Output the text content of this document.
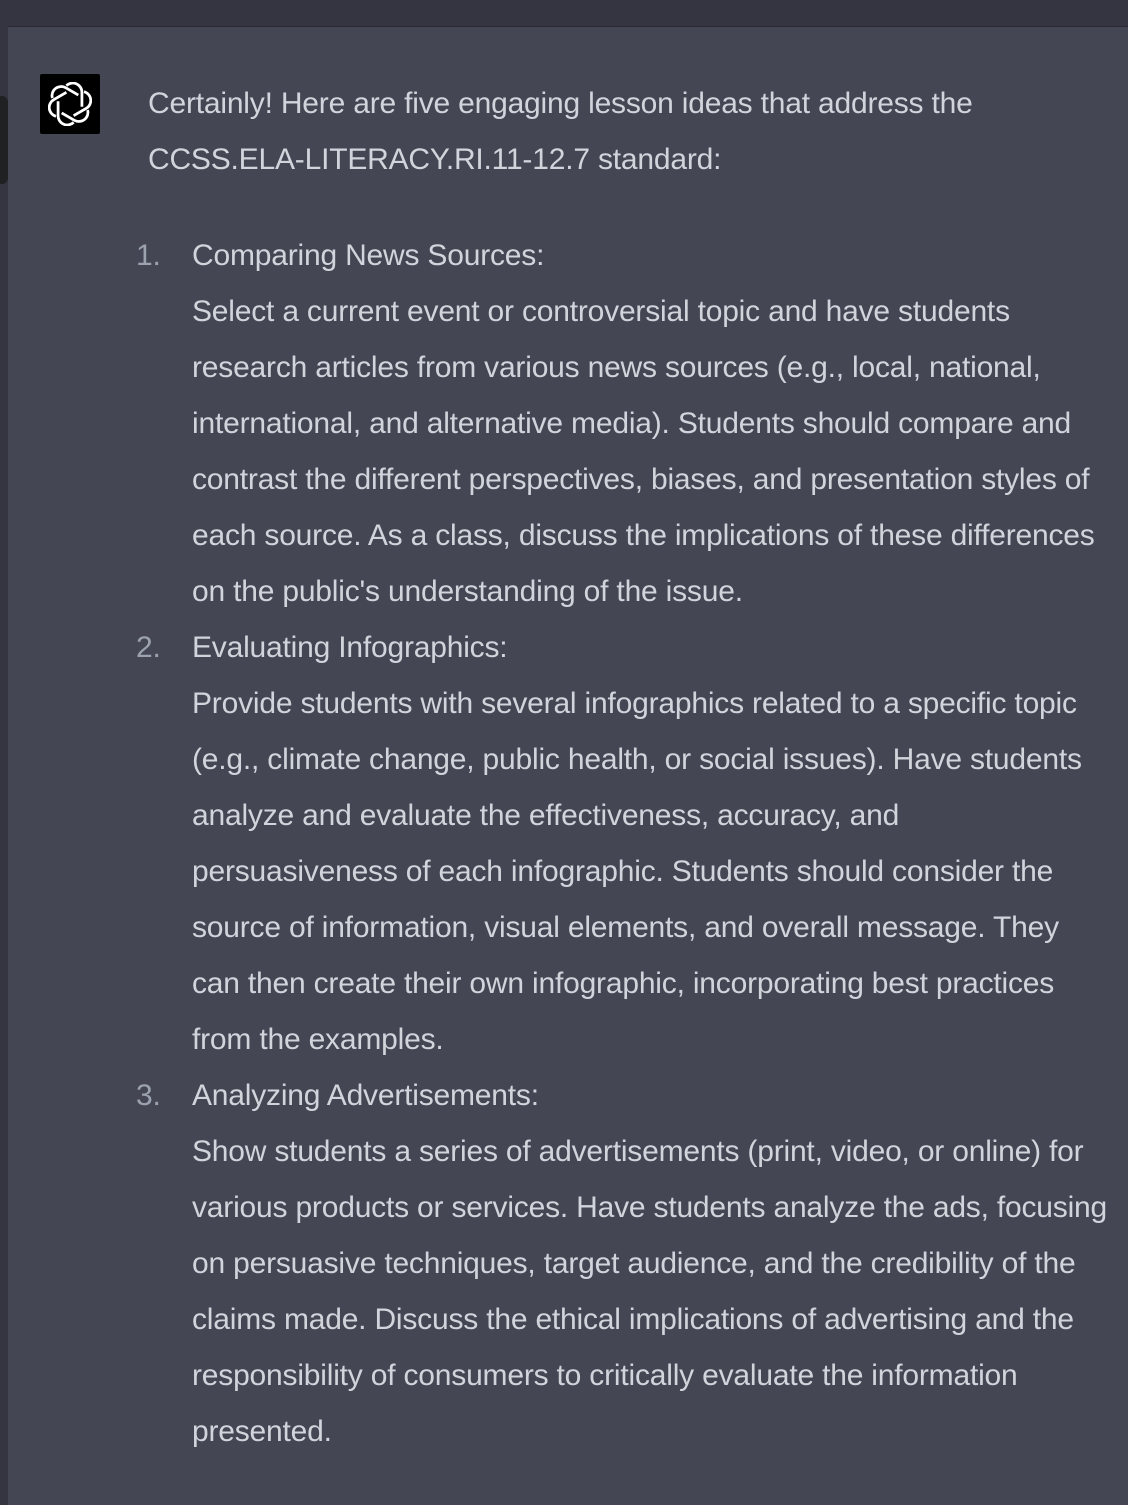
Certainly! Here are five engaging lesson ideas that address the CCSS.ELA-LITERACY.RI.11-12.7 standard:

1. Comparing News Sources:
Select a current event or controversial topic and have students research articles from various news sources (e.g., local, national, international, and alternative media). Students should compare and contrast the different perspectives, biases, and presentation styles of each source. As a class, discuss the implications of these differences on the public's understanding of the issue.
2. Evaluating Infographics:
Provide students with several infographics related to a specific topic (e.g., climate change, public health, or social issues). Have students analyze and evaluate the effectiveness, accuracy, and persuasiveness of each infographic. Students should consider the source of information, visual elements, and overall message. They can then create their own infographic, incorporating best practices from the examples.
3. Analyzing Advertisements:
Show students a series of advertisements (print, video, or online) for various products or services. Have students analyze the ads, focusing on persuasive techniques, target audience, and the credibility of the claims made. Discuss the ethical implications of advertising and the responsibility of consumers to critically evaluate the information presented.
